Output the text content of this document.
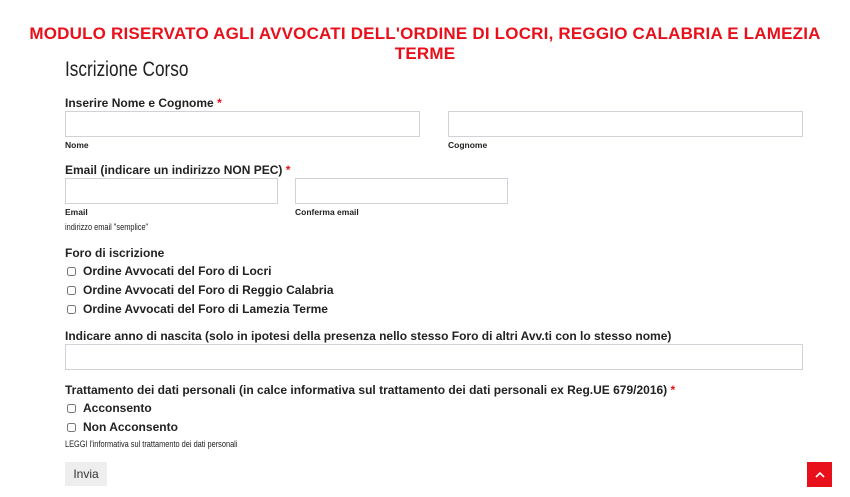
MODULO RISERVATO AGLI AVVOCATI DELL'ORDINE DI LOCRI, REGGIO CALABRIA E LAMEZIA TERME
Iscrizione Corso
Inserire Nome e Cognome *
Nome	Cognome
Email (indicare un indirizzo NON PEC) *
Email	Conferma email
indirizzo email "semplice"
Foro di iscrizione
Ordine Avvocati del Foro di Locri
Ordine Avvocati del Foro di Reggio Calabria
Ordine Avvocati del Foro di Lamezia Terme
Indicare anno di nascita (solo in ipotesi della presenza nello stesso Foro di altri Avv.ti con lo stesso nome)
Trattamento dei dati personali (in calce informativa sul trattamento dei dati personali ex Reg.UE 679/2016) *
Acconsento
Non Acconsento
LEGGI l'informativa sul trattamento dei dati personali
Invia
